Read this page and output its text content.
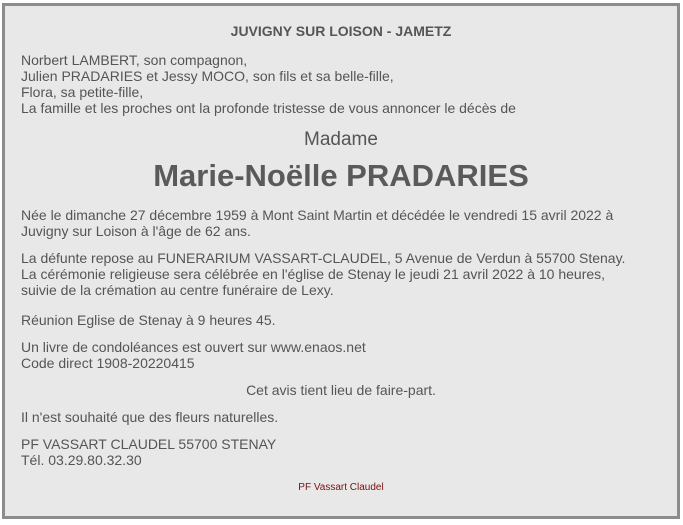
JUVIGNY SUR LOISON - JAMETZ
Norbert LAMBERT, son compagnon,
Julien PRADARIES et Jessy MOCO, son fils et sa belle-fille,
Flora, sa petite-fille,
La famille et les proches ont la profonde tristesse de vous annoncer le décès de
Madame
Marie-Noëlle PRADARIES
Née le dimanche 27 décembre 1959 à Mont Saint Martin et décédée le vendredi 15 avril 2022 à
Juvigny sur Loison à l'âge de 62 ans.
La défunte repose au FUNERARIUM VASSART-CLAUDEL, 5 Avenue de Verdun à 55700 Stenay.
La cérémonie religieuse sera célébrée en l'église de Stenay le jeudi 21 avril 2022 à 10 heures,
suivie de la crémation au centre funéraire de Lexy.
Réunion Eglise de Stenay à 9 heures 45.
Un livre de condoléances est ouvert sur www.enaos.net
Code direct 1908-20220415
Cet avis tient lieu de faire-part.
Il n'est souhaité que des fleurs naturelles.
PF VASSART CLAUDEL 55700 STENAY
Tél. 03.29.80.32.30
PF Vassart Claudel
